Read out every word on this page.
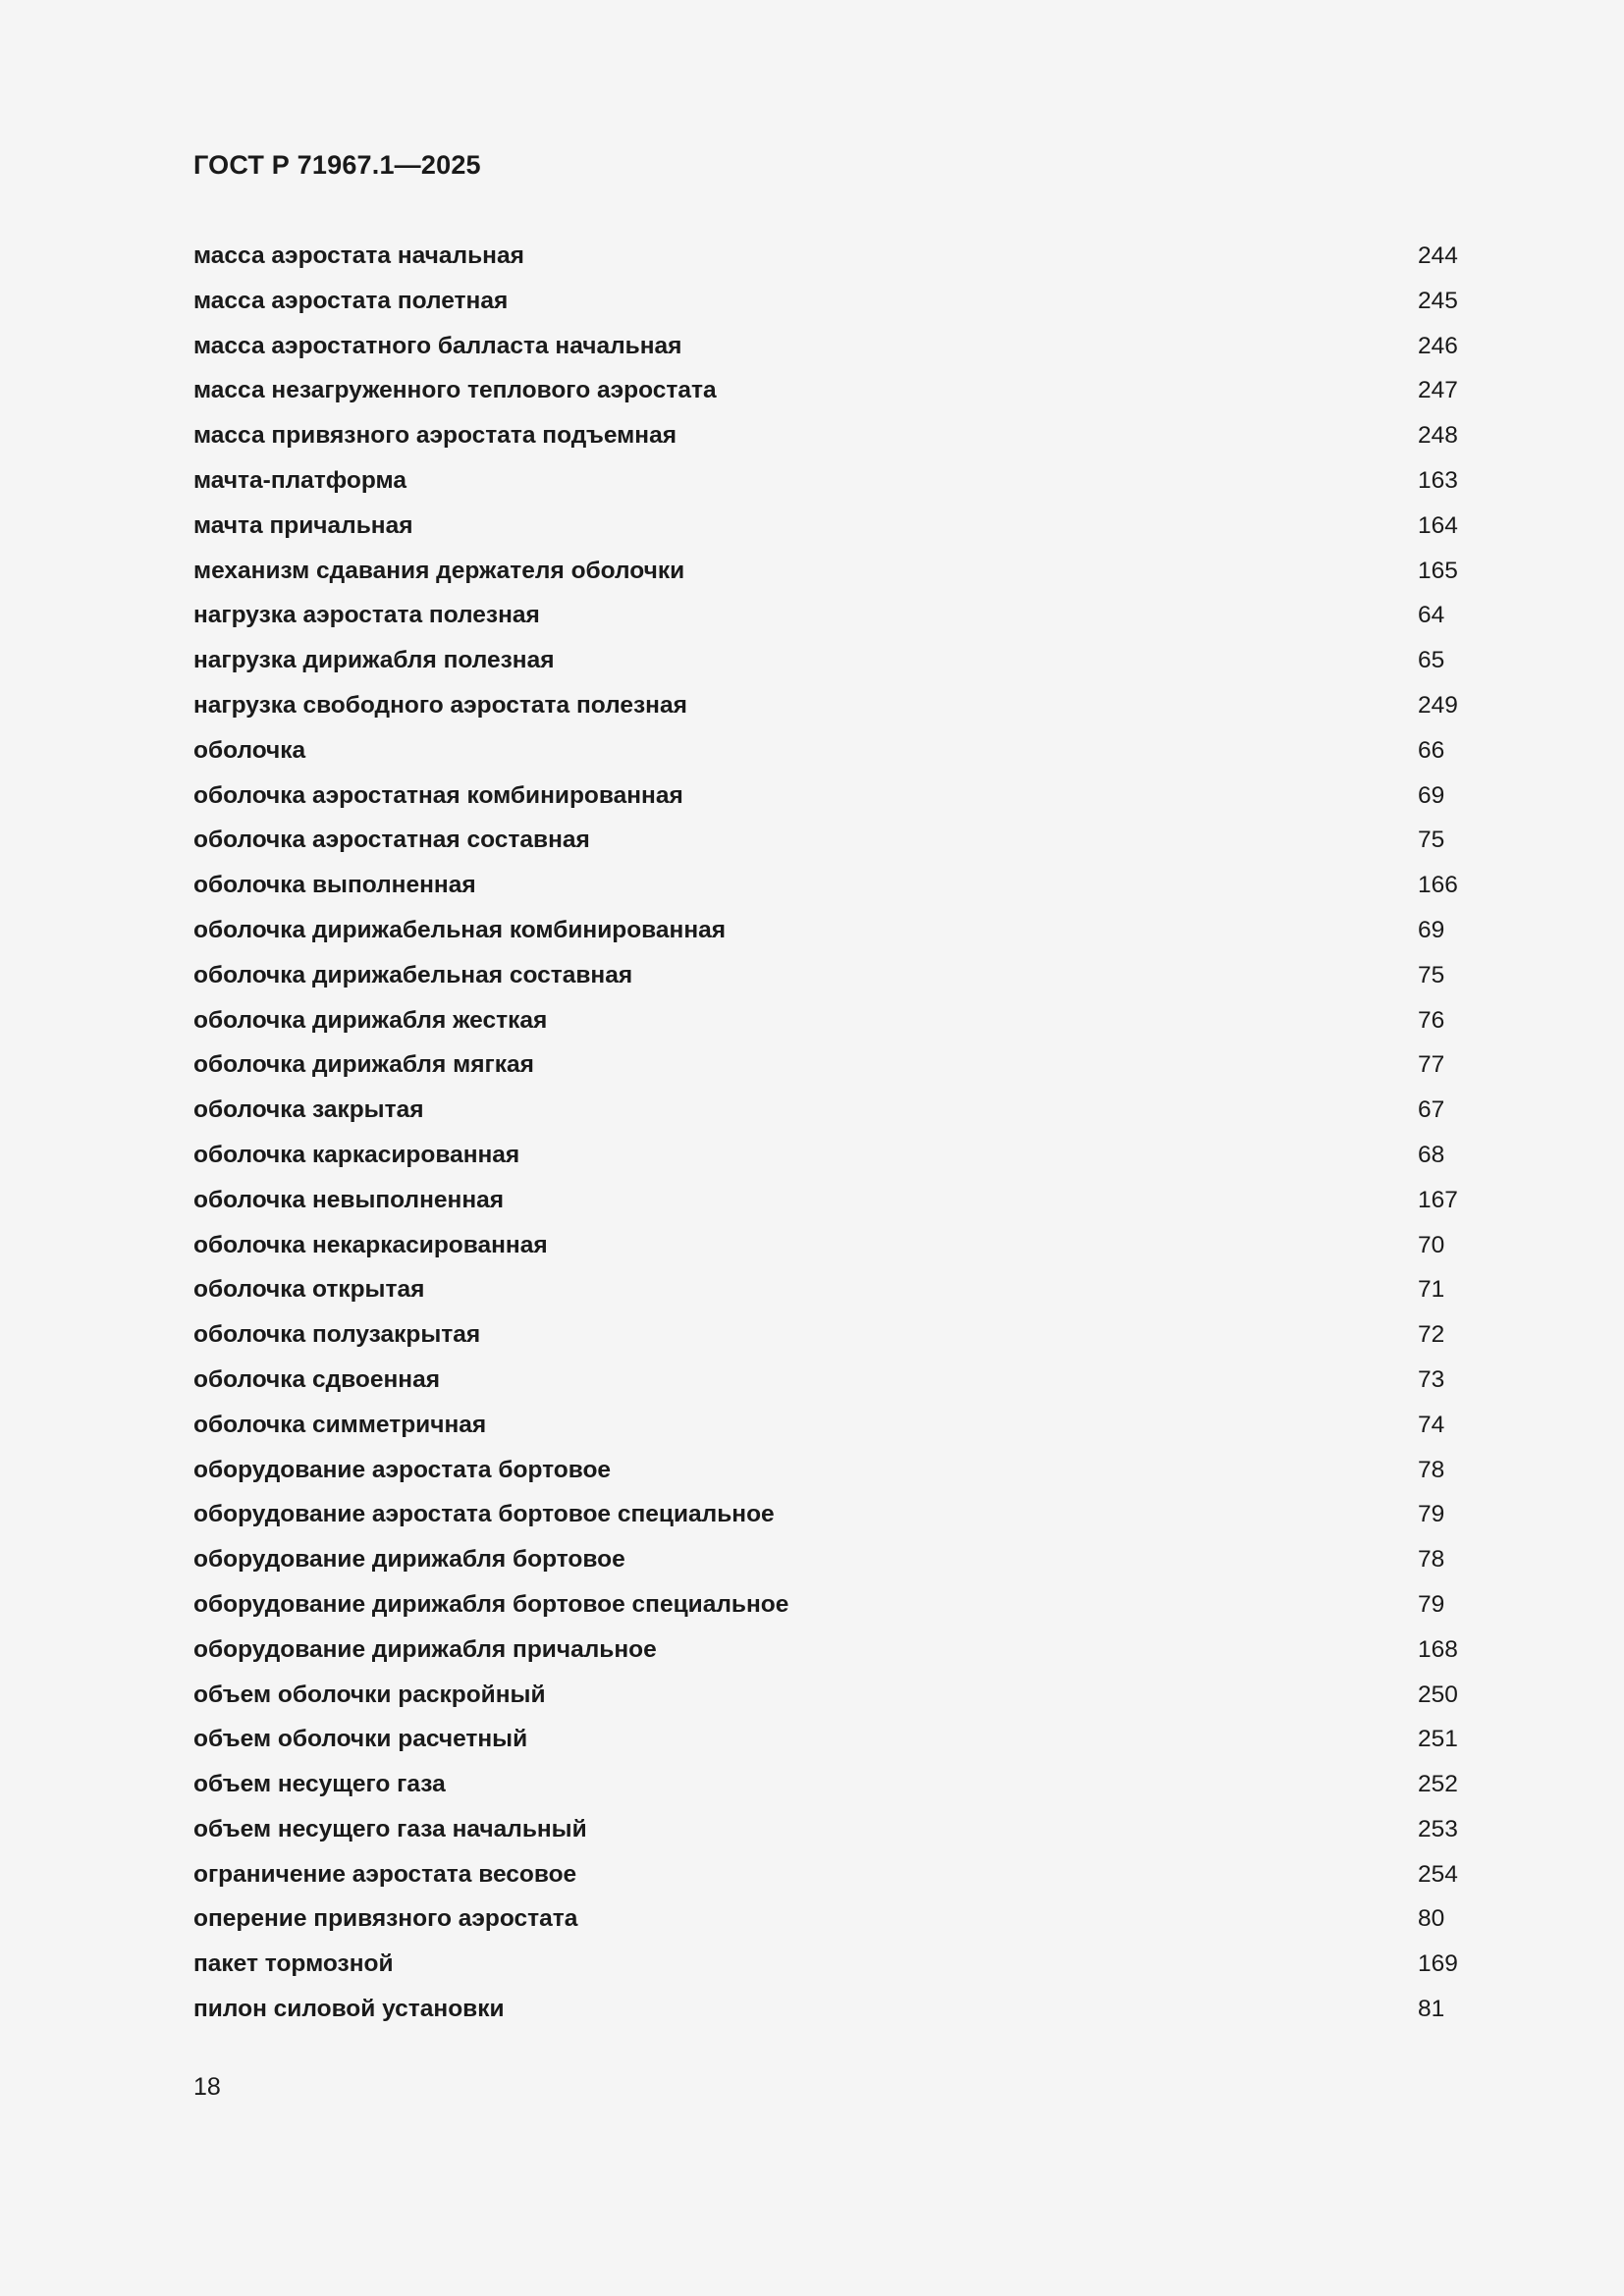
ГОСТ Р 71967.1—2025
масса аэростата начальная	244
масса аэростата полетная	245
масса аэростатного балласта начальная	246
масса незагруженного теплового аэростата	247
масса привязного аэростата подъемная	248
мачта-платформа	163
мачта причальная	164
механизм сдавания держателя оболочки	165
нагрузка аэростата полезная	64
нагрузка дирижабля полезная	65
нагрузка свободного аэростата полезная	249
оболочка	66
оболочка аэростатная комбинированная	69
оболочка аэростатная составная	75
оболочка выполненная	166
оболочка дирижабельная комбинированная	69
оболочка дирижабельная составная	75
оболочка дирижабля жесткая	76
оболочка дирижабля мягкая	77
оболочка закрытая	67
оболочка каркасированная	68
оболочка невыполненная	167
оболочка некаркасированная	70
оболочка открытая	71
оболочка полузакрытая	72
оболочка сдвоенная	73
оболочка симметричная	74
оборудование аэростата бортовое	78
оборудование аэростата бортовое специальное	79
оборудование дирижабля бортовое	78
оборудование дирижабля бортовое специальное	79
оборудование дирижабля причальное	168
объем оболочки раскройный	250
объем оболочки расчетный	251
объем несущего газа	252
объем несущего газа начальный	253
ограничение аэростата весовое	254
оперение привязного аэростата	80
пакет тормозной	169
пилон силовой установки	81
18
